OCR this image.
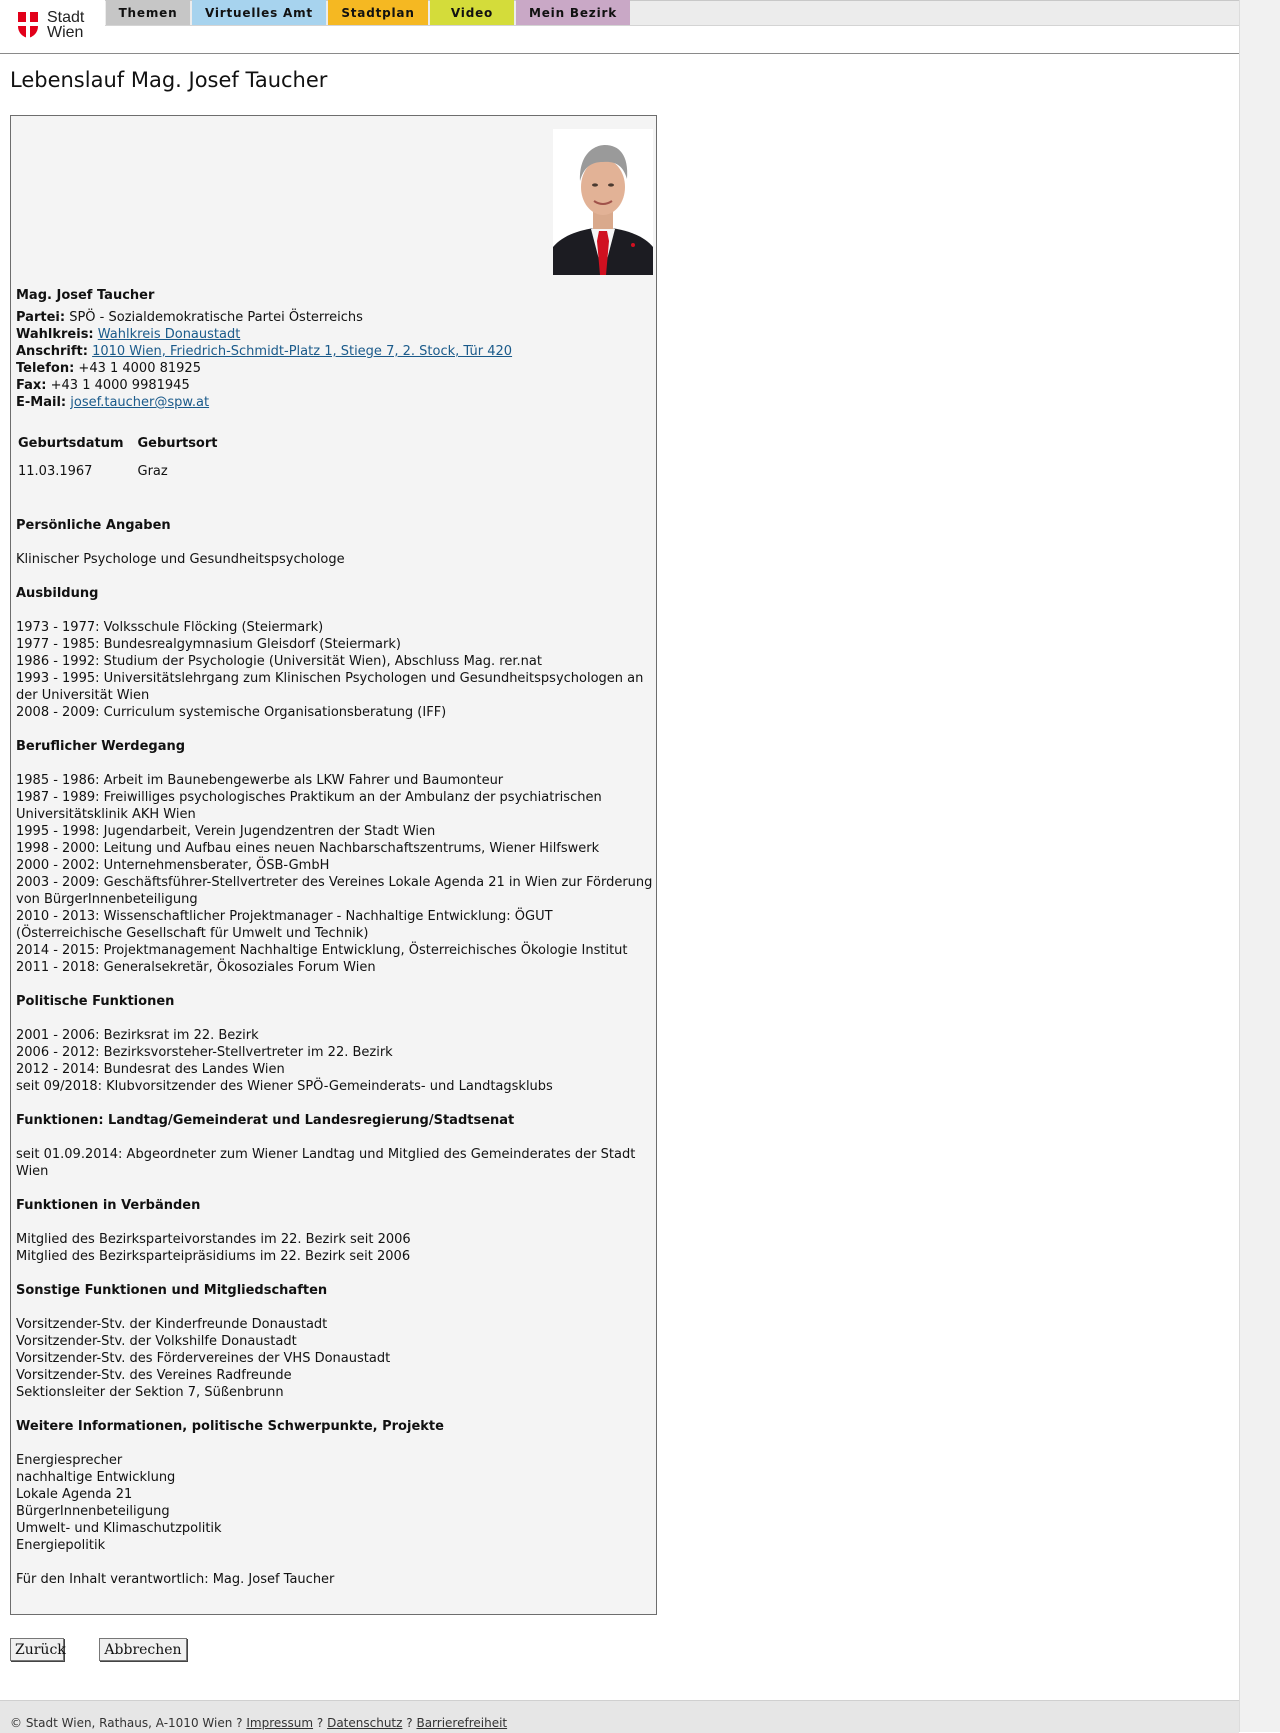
Stadt
Wien
Themen	Virtuelles Amt	Stadtplan	Video	Mein Bezirk
Lebenslauf Mag. Josef Taucher

Mag. Josef Taucher

Partei: SPÖ - Sozialdemokratische Partei Österreichs

Wahlkreis: Wahlkreis Donaustadt

Anschrift: 1010 Wien, Friedrich-Schmidt-Platz 1, Stiege 7, 2. Stock, Tür 420

Telefon: +43 1 4000 81925

Fax: +43 1 4000 9981945

E-Mail: josef.taucher@spw.at

Geburtsdatum	Geburtsort
11.03.1967	Graz

Persönliche Angaben

Klinischer Psychologe und Gesundheitspsychologe

Ausbildung

1973 - 1977: Volksschule Flöcking (Steiermark)

1977 - 1985: Bundesrealgymnasium Gleisdorf (Steiermark)

1986 - 1992: Studium der Psychologie (Universität Wien), Abschluss Mag. rer.nat

1993 - 1995: Universitätslehrgang zum Klinischen Psychologen und Gesundheitspsychologen an der Universität Wien

2008 - 2009: Curriculum systemische Organisationsberatung (IFF)

Beruflicher Werdegang

1985 - 1986: Arbeit im Baunebengewerbe als LKW Fahrer und Baumonteur

1987 - 1989: Freiwilliges psychologisches Praktikum an der Ambulanz der psychiatrischen Universitätsklinik AKH Wien

1995 - 1998: Jugendarbeit, Verein Jugendzentren der Stadt Wien

1998 - 2000: Leitung und Aufbau eines neuen Nachbarschaftszentrums, Wiener Hilfswerk

2000 - 2002: Unternehmensberater, ÖSB-GmbH

2003 - 2009: Geschäftsführer-Stellvertreter des Vereines Lokale Agenda 21 in Wien zur Förderung von BürgerInnenbeteiligung

2010 - 2013: Wissenschaftlicher Projektmanager - Nachhaltige Entwicklung: ÖGUT (Österreichische Gesellschaft für Umwelt und Technik)

2014 - 2015: Projektmanagement Nachhaltige Entwicklung, Österreichisches Ökologie Institut

2011 - 2018: Generalsekretär, Ökosoziales Forum Wien

Politische Funktionen

2001 - 2006: Bezirksrat im 22. Bezirk

2006 - 2012: Bezirksvorsteher-Stellvertreter im 22. Bezirk

2012 - 2014: Bundesrat des Landes Wien

seit 09/2018: Klubvorsitzender des Wiener SPÖ-Gemeinderats- und Landtagsklubs

Funktionen: Landtag/Gemeinderat und Landesregierung/Stadtsenat

seit 01.09.2014: Abgeordneter zum Wiener Landtag und Mitglied des Gemeinderates der Stadt Wien

Funktionen in Verbänden

Mitglied des Bezirksparteivorstandes im 22. Bezirk seit 2006

Mitglied des Bezirksparteipräsidiums im 22. Bezirk seit 2006

Sonstige Funktionen und Mitgliedschaften

Vorsitzender-Stv. der Kinderfreunde Donaustadt

Vorsitzender-Stv. der Volkshilfe Donaustadt

Vorsitzender-Stv. des Fördervereines der VHS Donaustadt

Vorsitzender-Stv. des Vereines Radfreunde

Sektionsleiter der Sektion 7, Süßenbrunn

Weitere Informationen, politische Schwerpunkte, Projekte

Energiesprecher

nachhaltige Entwicklung

Lokale Agenda 21

BürgerInnenbeteiligung

Umwelt- und Klimaschutzpolitik

Energiepolitik

Für den Inhalt verantwortlich: Mag. Josef Taucher

Zurück	Abbrechen
© Stadt Wien, Rathaus, A-1010 Wien ? Impressum ? Datenschutz ? Barrierefreiheit
